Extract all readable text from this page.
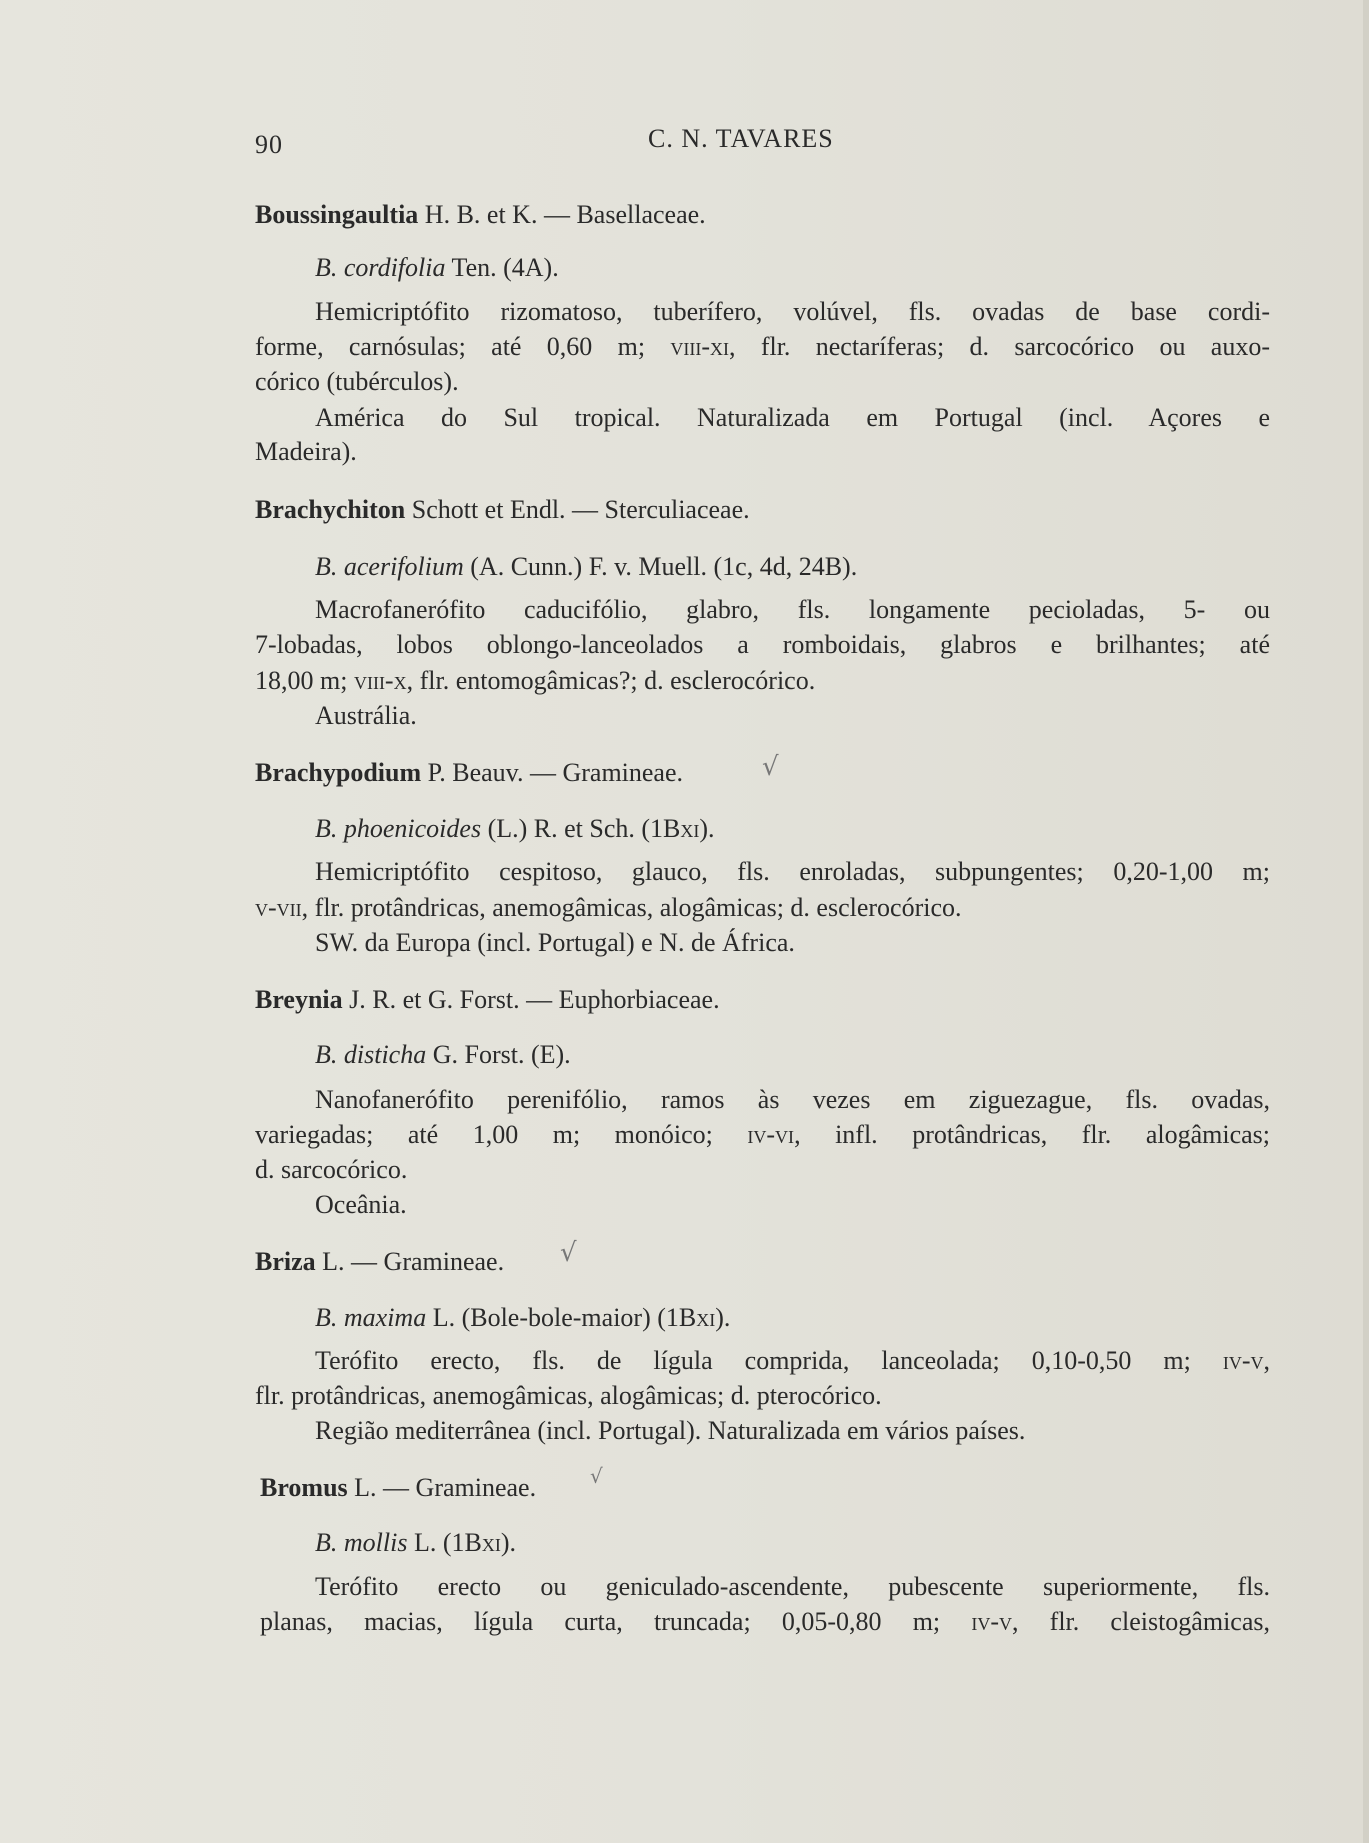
90	C. N. TAVARES
Boussingaultia H. B. et K. — Basellaceae.
B. cordifolia Ten. (4A).
Hemicriptófito rizomatoso, tuberífero, volúvel, fls. ovadas de base cordi-
forme, carnósulas; até 0,60 m; viii-xi, flr. nectaríferas; d. sarcocórico ou auxo-
córico (tubérculos).
América do Sul tropical. Naturalizada em Portugal (incl. Açores e
Madeira).
Brachychiton Schott et Endl. — Sterculiaceae.
B. acerifolium (A. Cunn.) F. v. Muell. (1c, 4d, 24B).
Macrofanerófito caducifólio, glabro, fls. longamente pecioladas, 5- ou
7-lobadas, lobos oblongo-lanceolados a romboidais, glabros e brilhantes; até
18,00 m; viii-x, flr. entomogâmicas?; d. esclerocórico.
Austrália.
Brachypodium P. Beauv. — Gramineae.	√
B. phoenicoides (L.) R. et Sch. (1Bxi).
Hemicriptófito cespitoso, glauco, fls. enroladas, subpungentes; 0,20-1,00 m;
v-vii, flr. protândricas, anemogâmicas, alogâmicas; d. esclerocórico.
SW. da Europa (incl. Portugal) e N. de África.
Breynia J. R. et G. Forst. — Euphorbiaceae.
B. disticha G. Forst. (E).
Nanofanerófito perenifólio, ramos às vezes em ziguezague, fls. ovadas,
variegadas; até 1,00 m; monóico; iv-vi, infl. protândricas, flr. alogâmicas;
d. sarcocórico.
Oceânia.
Briza L. — Gramineae.	√
B. maxima L. (Bole-bole-maior) (1Bxi).
Terófito erecto, fls. de lígula comprida, lanceolada; 0,10-0,50 m; iv-v,
flr. protândricas, anemogâmicas, alogâmicas; d. pterocórico.
Região mediterrânea (incl. Portugal). Naturalizada em vários países.
Bromus L. — Gramineae.	√
B. mollis L. (1Bxi).
Terófito erecto ou geniculado-ascendente, pubescente superiormente, fls.
planas, macias, lígula curta, truncada; 0,05-0,80 m; iv-v, flr. cleistogâmicas,
